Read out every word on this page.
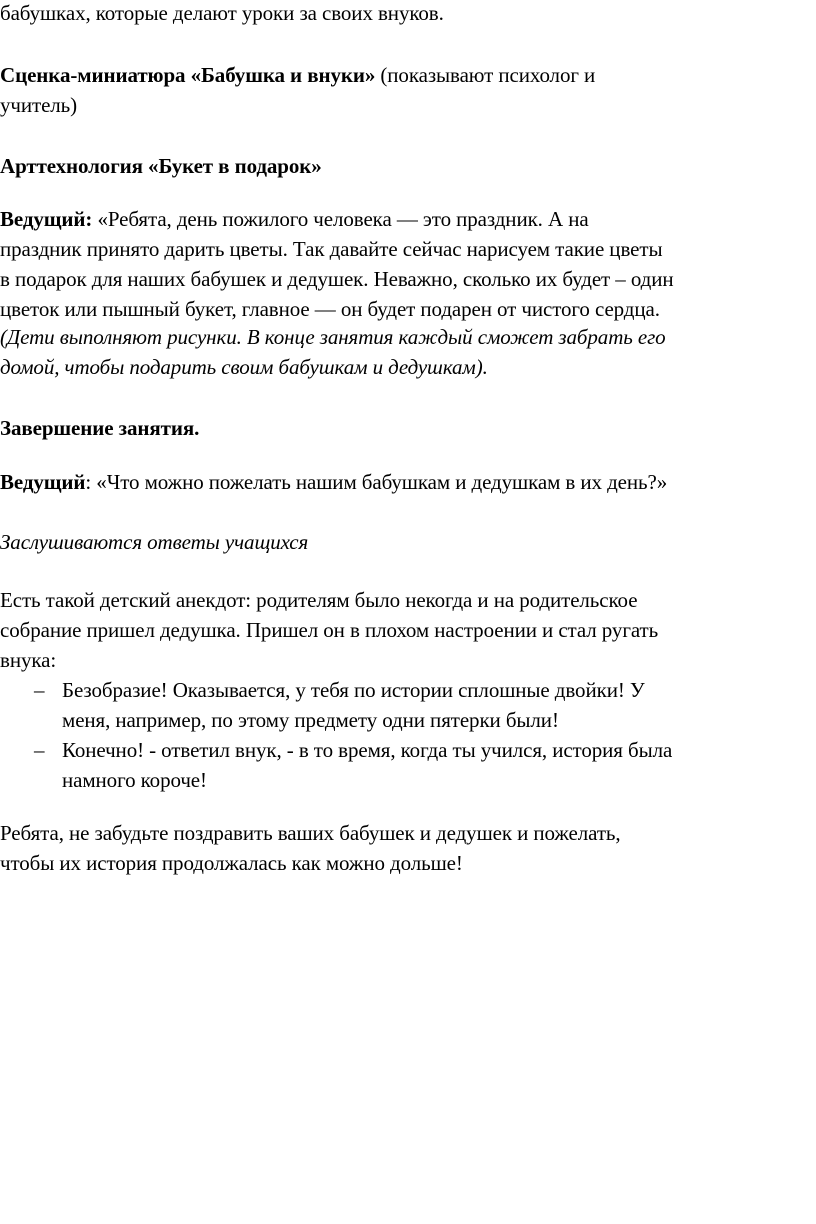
бабушках, которые делают уроки за своих внуков.
Сценка-миниатюра «Бабушка и внуки» (показывают психолог и
учитель)
Арттехнология «Букет в подарок»
Ведущий: «Ребята, день пожилого человека — это праздник. А на
праздник принято дарить цветы. Так давайте сейчас нарисуем такие цветы
в подарок для наших бабушек и дедушек. Неважно, сколько их будет – один
цветок или пышный букет, главное — он будет подарен от чистого сердца.
(Дети выполняют рисунки. В конце занятия каждый сможет забрать его
домой, чтобы подарить своим бабушкам и дедушкам).
Завершение занятия.
Ведущий: «Что можно пожелать нашим бабушкам и дедушкам в их день?»
Заслушиваются ответы учащихся
Есть такой детский анекдот: родителям было некогда и на родительское
собрание пришел дедушка. Пришел он в плохом настроении и стал ругать
внука:
– Безобразие! Оказывается, у тебя по истории сплошные двойки! У
меня, например, по этому предмету одни пятерки были!
– Конечно! - ответил внук, - в то время, когда ты учился, история была
намного короче!
Ребята, не забудьте поздравить ваших бабушек и дедушек и пожелать,
чтобы их история продолжалась как можно дольше!
